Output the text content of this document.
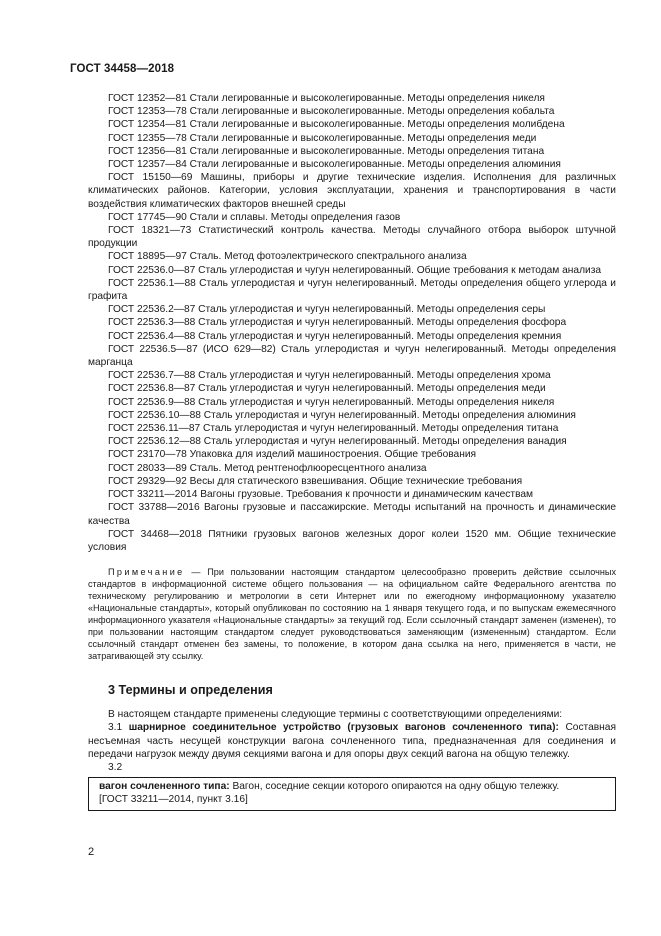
ГОСТ 34458—2018

ГОСТ 12352—81 Стали легированные и высоколегированные. Методы определения никеля

ГОСТ 12353—78 Стали легированные и высоколегированные. Методы определения кобальта

ГОСТ 12354—81 Стали легированные и высоколегированные. Методы определения молибдена

ГОСТ 12355—78 Стали легированные и высоколегированные. Методы определения меди

ГОСТ 12356—81 Стали легированные и высоколегированные. Методы определения титана

ГОСТ 12357—84 Стали легированные и высоколегированные. Методы определения алюминия

ГОСТ 15150—69 Машины, приборы и другие технические изделия. Исполнения для различных климатических районов. Категории, условия эксплуатации, хранения и транспортирования в части воздействия климатических факторов внешней среды

ГОСТ 17745—90 Стали и сплавы. Методы определения газов

ГОСТ 18321—73 Статистический контроль качества. Методы случайного отбора выборок штучной продукции

ГОСТ 18895—97 Сталь. Метод фотоэлектрического спектрального анализа

ГОСТ 22536.0—87 Сталь углеродистая и чугун нелегированный. Общие требования к методам анализа

ГОСТ 22536.1—88 Сталь углеродистая и чугун нелегированный. Методы определения общего углерода и графита

ГОСТ 22536.2—87 Сталь углеродистая и чугун нелегированный. Методы определения серы

ГОСТ 22536.3—88 Сталь углеродистая и чугун нелегированный. Методы определения фосфора

ГОСТ 22536.4—88 Сталь углеродистая и чугун нелегированный. Методы определения кремния

ГОСТ 22536.5—87 (ИСО 629—82) Сталь углеродистая и чугун нелегированный. Методы определения марганца

ГОСТ 22536.7—88 Сталь углеродистая и чугун нелегированный. Методы определения хрома

ГОСТ 22536.8—87 Сталь углеродистая и чугун нелегированный. Методы определения меди

ГОСТ 22536.9—88 Сталь углеродистая и чугун нелегированный. Методы определения никеля

ГОСТ 22536.10—88 Сталь углеродистая и чугун нелегированный. Методы определения алюминия

ГОСТ 22536.11—87 Сталь углеродистая и чугун нелегированный. Методы определения титана

ГОСТ 22536.12—88 Сталь углеродистая и чугун нелегированный. Методы определения ванадия

ГОСТ 23170—78 Упаковка для изделий машиностроения. Общие требования

ГОСТ 28033—89 Сталь. Метод рентгенофлюоресцентного анализа

ГОСТ 29329—92 Весы для статического взвешивания. Общие технические требования

ГОСТ 33211—2014 Вагоны грузовые. Требования к прочности и динамическим качествам

ГОСТ 33788—2016 Вагоны грузовые и пассажирские. Методы испытаний на прочность и динамические качества

ГОСТ 34468—2018 Пятники грузовых вагонов железных дорог колеи 1520 мм. Общие технические условия

Примечание — При пользовании настоящим стандартом целесообразно проверить действие ссылочных стандартов в информационной системе общего пользования — на официальном сайте Федерального агентства по техническому регулированию и метрологии в сети Интернет или по ежегодному информационному указателю «Национальные стандарты», который опубликован по состоянию на 1 января текущего года, и по выпускам ежемесячного информационного указателя «Национальные стандарты» за текущий год. Если ссылочный стандарт заменен (изменен), то при пользовании настоящим стандартом следует руководствоваться заменяющим (измененным) стандартом. Если ссылочный стандарт отменен без замены, то положение, в котором дана ссылка на него, применяется в части, не затрагивающей эту ссылку.
3 Термины и определения

В настоящем стандарте применены следующие термины с соответствующими определениями:

3.1 шарнирное соединительное устройство (грузовых вагонов сочлененного типа): Составная несъемная часть несущей конструкции вагона сочлененного типа, предназначенная для соединения и передачи нагрузок между двумя секциями вагона и для опоры двух секций вагона на общую тележку.

3.2

вагон сочлененного типа: Вагон, соседние секции которого опираются на одну общую тележку.
[ГОСТ 33211—2014, пункт 3.16]
2
